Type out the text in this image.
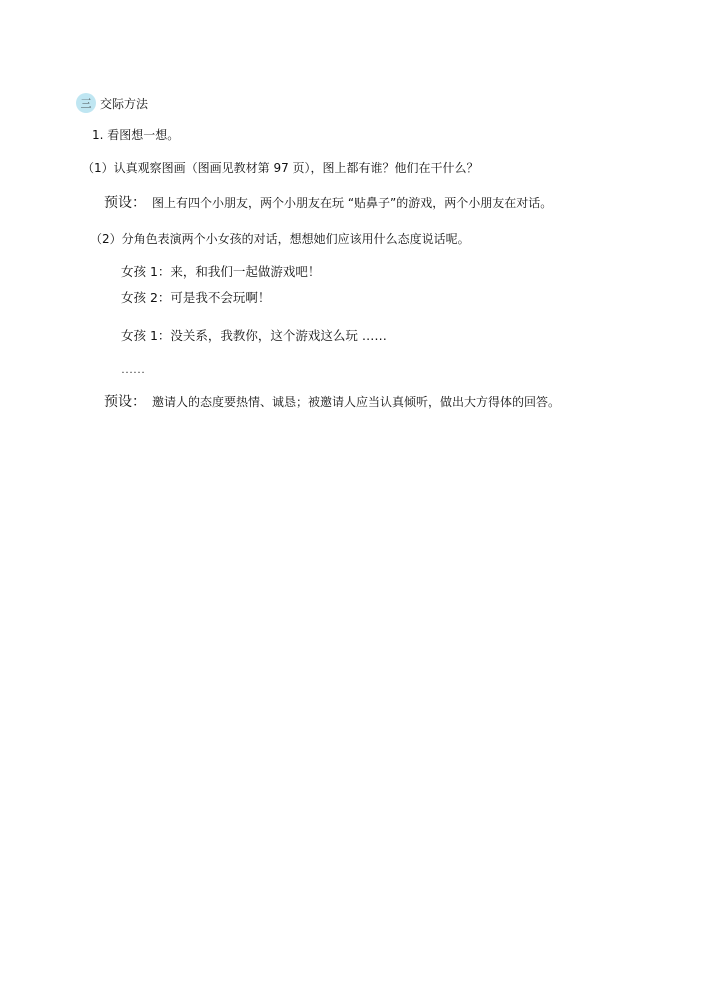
三 交际方法
1. 看图想一想。
（1）认真观察图画（图画见教材第 97 页），图上都有谁？他们在干什么？
预设： 图上有四个小朋友，两个小朋友在玩 “贴鼻子”的游戏，两个小朋友在对话。
（2）分角色表演两个小女孩的对话，想想她们应该用什么态度说话呢。
女孩 1：来，和我们一起做游戏吧！
女孩 2：可是我不会玩啊！
女孩 1：没关系，我教你，这个游戏这么玩 ……
……
预设： 邀请人的态度要热情、诚恳；被邀请人应当认真倾听，做出大方得体的回答。
